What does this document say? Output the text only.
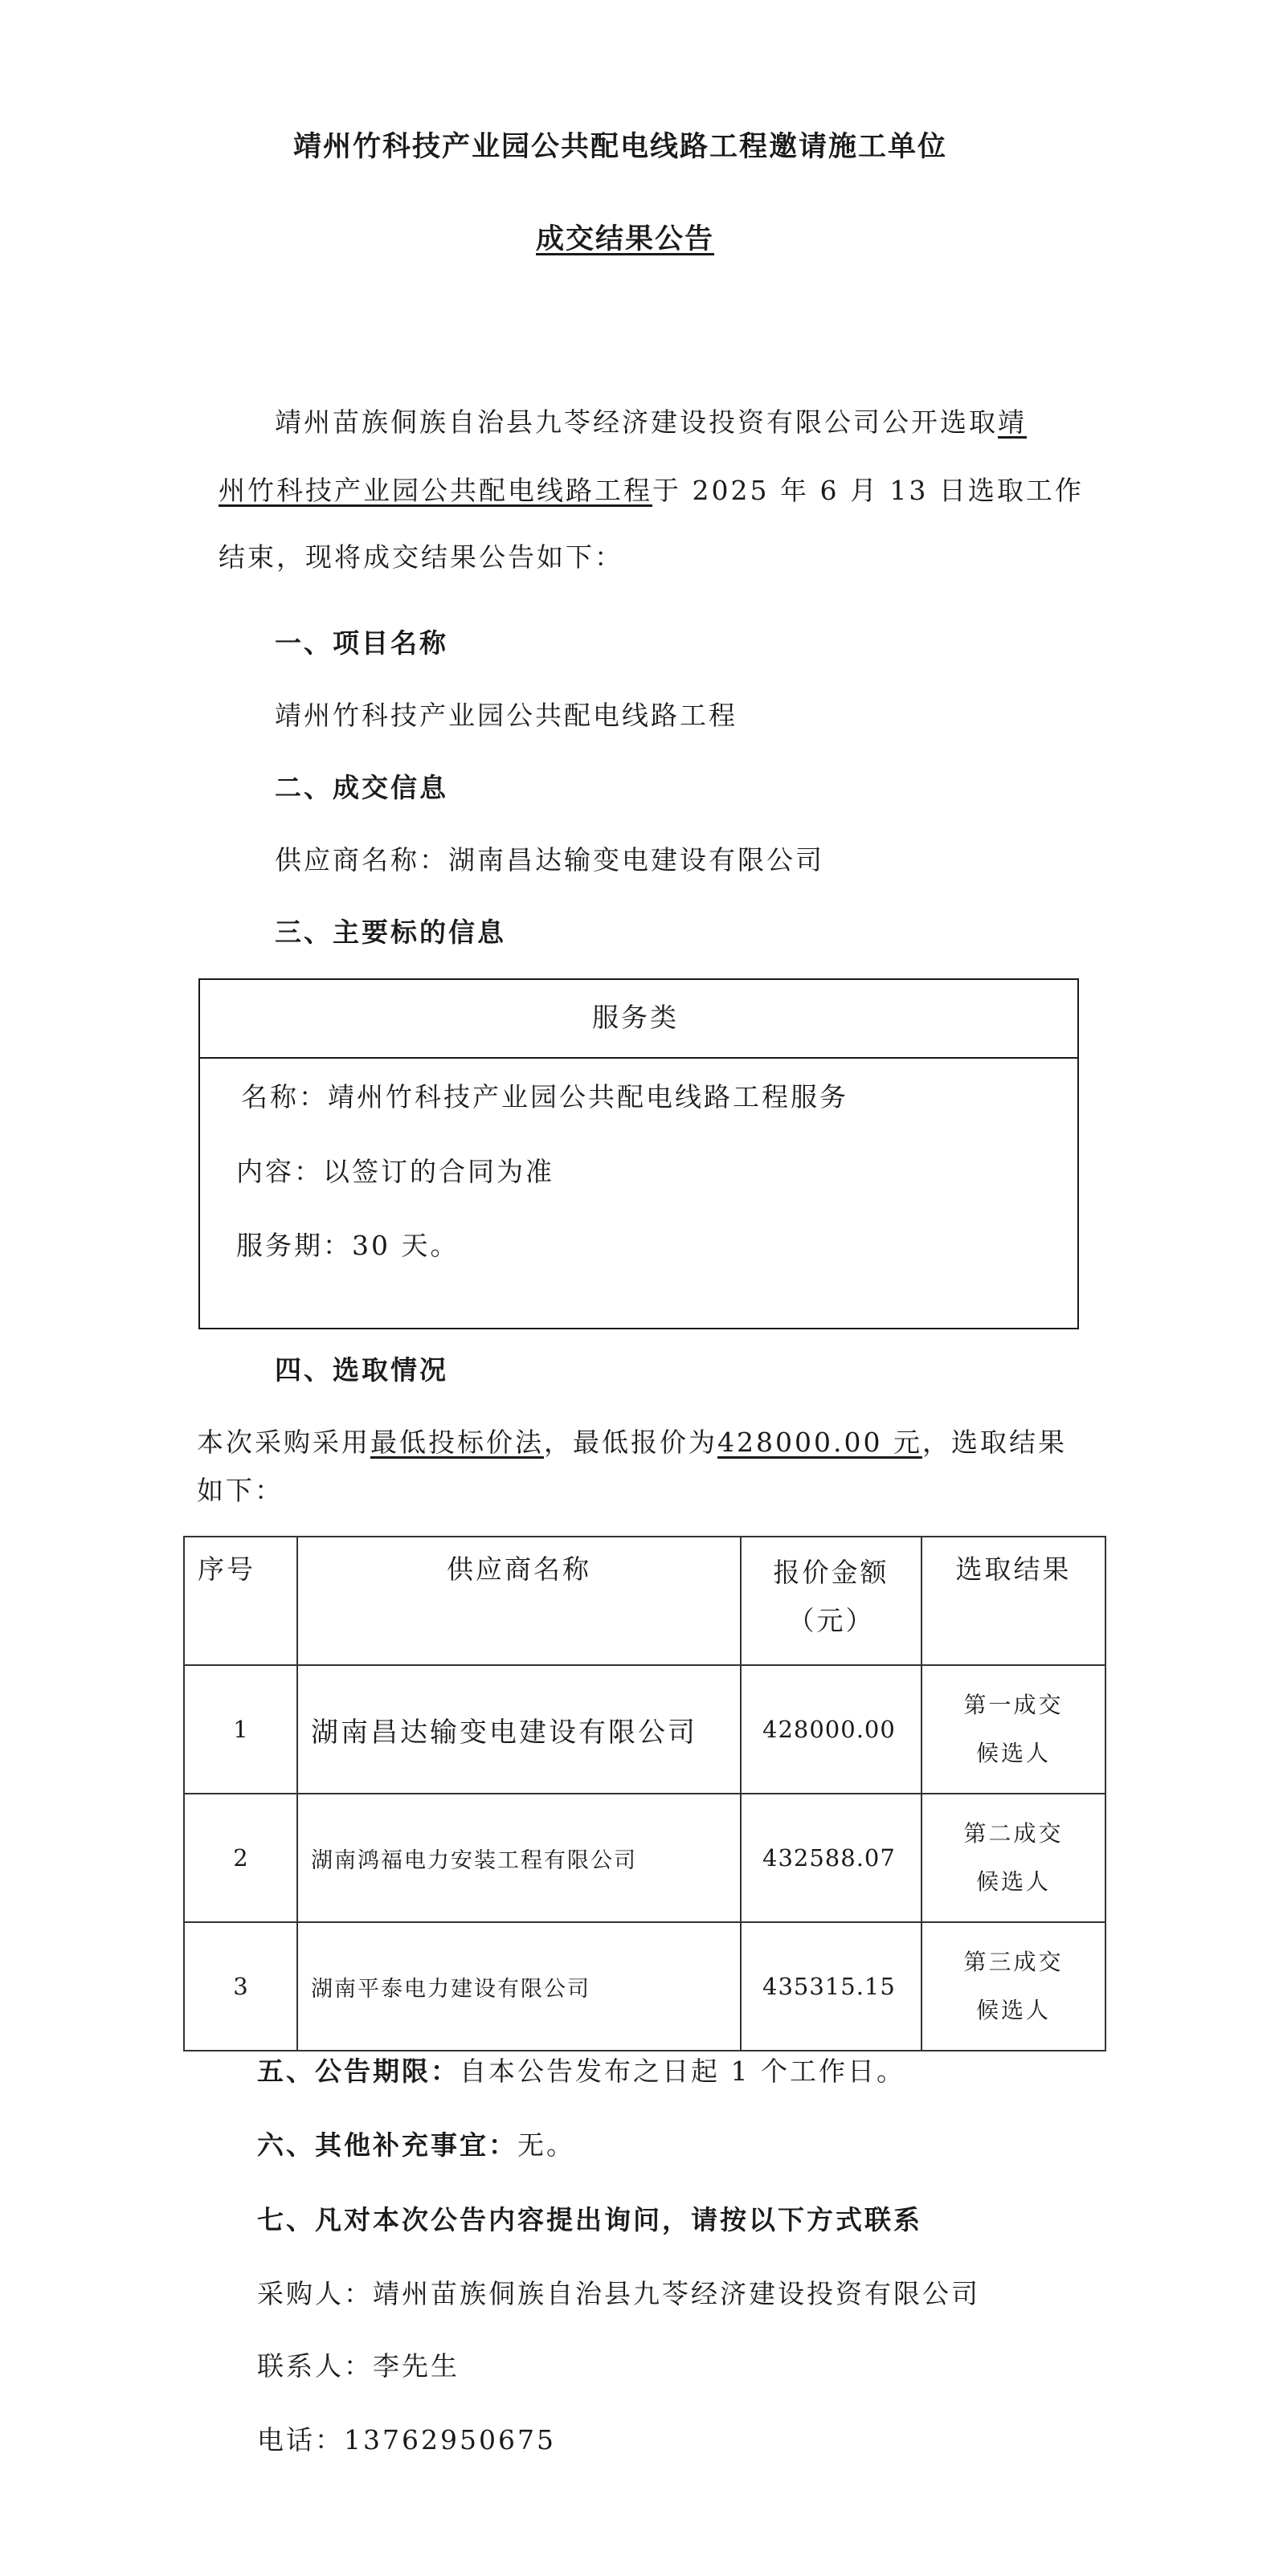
靖州竹科技产业园公共配电线路工程邀请施工单位
成交结果公告
靖州苗族侗族自治县九苓经济建设投资有限公司公开选取靖
州竹科技产业园公共配电线路工程于 2025 年 6 月 13 日选取工作
结束，现将成交结果公告如下：
一、项目名称
靖州竹科技产业园公共配电线路工程
二、成交信息
供应商名称：湖南昌达输变电建设有限公司
三、主要标的信息
服务类
名称：靖州竹科技产业园公共配电线路工程服务
内容：以签订的合同为准
服务期：30 天。
四、选取情况
本次采购采用最低投标价法，最低报价为428000.00 元，选取结果
如下：
序号	供应商名称	报价金额
（元）	选取结果
1	湖南昌达输变电建设有限公司	428000.00	第一成交
候选人

2	湖南鸿福电力安装工程有限公司	432588.07	第二成交
候选人

3	湖南平泰电力建设有限公司	435315.15	第三成交
候选人
五、公告期限：自本公告发布之日起 1 个工作日。
六、其他补充事宜：无。
七、凡对本次公告内容提出询问，请按以下方式联系
采购人：靖州苗族侗族自治县九苓经济建设投资有限公司
联系人：李先生
电话：13762950675
